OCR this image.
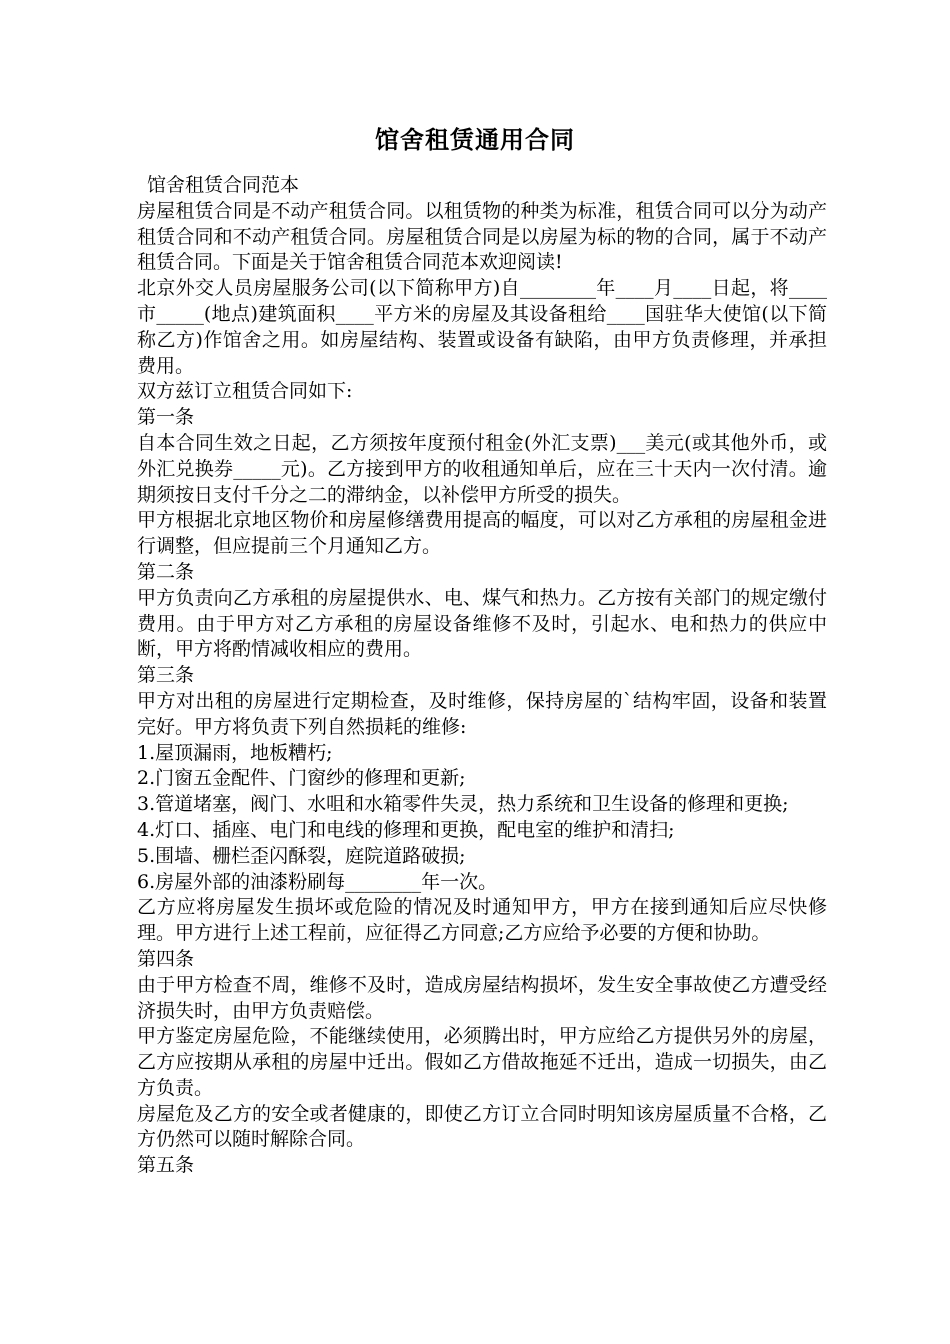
馆舍租赁通用合同

馆舍租赁合同范本

房屋租赁合同是不动产租赁合同。以租赁物的种类为标准，租赁合同可以分为动产租赁合同和不动产租赁合同。房屋租赁合同是以房屋为标的物的合同，属于不动产租赁合同。下面是关于馆舍租赁合同范本欢迎阅读!

北京外交人员房屋服务公司(以下简称甲方)自________年____月____日起，将____市_____(地点)建筑面积____平方米的房屋及其设备租给____国驻华大使馆(以下简称乙方)作馆舍之用。如房屋结构、装置或设备有缺陷，由甲方负责修理，并承担费用。

双方兹订立租赁合同如下:

第一条

自本合同生效之日起，乙方须按年度预付租金(外汇支票)___美元(或其他外币，或外汇兑换券_____元)。乙方接到甲方的收租通知单后，应在三十天内一次付清。逾期须按日支付千分之二的滞纳金，以补偿甲方所受的损失。

甲方根据北京地区物价和房屋修缮费用提高的幅度，可以对乙方承租的房屋租金进行调整，但应提前三个月通知乙方。

第二条

甲方负责向乙方承租的房屋提供水、电、煤气和热力。乙方按有关部门的规定缴付费用。由于甲方对乙方承租的房屋设备维修不及时，引起水、电和热力的供应中断，甲方将酌情减收相应的费用。

第三条

甲方对出租的房屋进行定期检查，及时维修，保持房屋的`结构牢固，设备和装置完好。甲方将负责下列自然损耗的维修:

1.屋顶漏雨，地板糟朽;

2.门窗五金配件、门窗纱的修理和更新;

3.管道堵塞，阀门、水咀和水箱零件失灵，热力系统和卫生设备的修理和更换;

4.灯口、插座、电门和电线的修理和更换，配电室的维护和清扫;

5.围墙、栅栏歪闪酥裂，庭院道路破损;

6.房屋外部的油漆粉刷每________年一次。

乙方应将房屋发生损坏或危险的情况及时通知甲方，甲方在接到通知后应尽快修理。甲方进行上述工程前，应征得乙方同意;乙方应给予必要的方便和协助。

第四条

由于甲方检查不周，维修不及时，造成房屋结构损坏，发生安全事故使乙方遭受经济损失时，由甲方负责赔偿。

甲方鉴定房屋危险，不能继续使用，必须腾出时，甲方应给乙方提供另外的房屋，乙方应按期从承租的房屋中迁出。假如乙方借故拖延不迁出，造成一切损失，由乙方负责。

房屋危及乙方的安全或者健康的，即使乙方订立合同时明知该房屋质量不合格，乙方仍然可以随时解除合同。

第五条
